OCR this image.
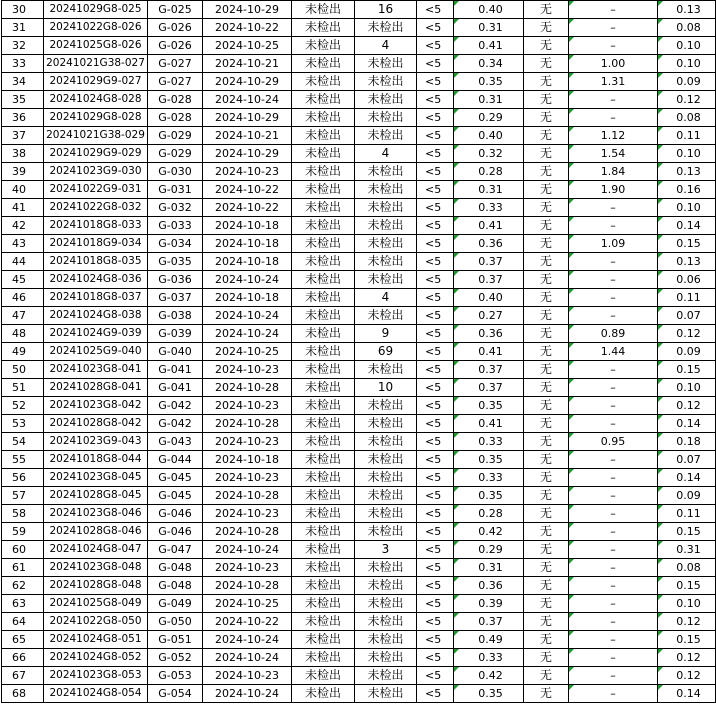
30	20241029G8-025	G-025	2024-10-29	未检出	16	<5	0.40	无	–	0.13
31	20241022G8-026	G-026	2024-10-22	未检出	未检出	<5	0.31	无	–	0.08
32	20241025G8-026	G-026	2024-10-25	未检出	4	<5	0.41	无	–	0.10
33	20241021G38-027	G-027	2024-10-21	未检出	未检出	<5	0.34	无	1.00	0.10
34	20241029G9-027	G-027	2024-10-29	未检出	未检出	<5	0.35	无	1.31	0.09
35	20241024G8-028	G-028	2024-10-24	未检出	未检出	<5	0.31	无	–	0.12
36	20241029G8-028	G-028	2024-10-29	未检出	未检出	<5	0.29	无	–	0.08
37	20241021G38-029	G-029	2024-10-21	未检出	未检出	<5	0.40	无	1.12	0.11
38	20241029G9-029	G-029	2024-10-29	未检出	4	<5	0.32	无	1.54	0.10
39	20241023G9-030	G-030	2024-10-23	未检出	未检出	<5	0.28	无	1.84	0.13
40	20241022G9-031	G-031	2024-10-22	未检出	未检出	<5	0.31	无	1.90	0.16
41	20241022G8-032	G-032	2024-10-22	未检出	未检出	<5	0.33	无	–	0.10
42	20241018G8-033	G-033	2024-10-18	未检出	未检出	<5	0.41	无	–	0.14
43	20241018G9-034	G-034	2024-10-18	未检出	未检出	<5	0.36	无	1.09	0.15
44	20241018G8-035	G-035	2024-10-18	未检出	未检出	<5	0.37	无	–	0.13
45	20241024G8-036	G-036	2024-10-24	未检出	未检出	<5	0.37	无	–	0.06
46	20241018G8-037	G-037	2024-10-18	未检出	4	<5	0.40	无	–	0.11
47	20241024G8-038	G-038	2024-10-24	未检出	未检出	<5	0.27	无	–	0.07
48	20241024G9-039	G-039	2024-10-24	未检出	9	<5	0.36	无	0.89	0.12
49	20241025G9-040	G-040	2024-10-25	未检出	69	<5	0.41	无	1.44	0.09
50	20241023G8-041	G-041	2024-10-23	未检出	未检出	<5	0.37	无	–	0.15
51	20241028G8-041	G-041	2024-10-28	未检出	10	<5	0.37	无	–	0.10
52	20241023G8-042	G-042	2024-10-23	未检出	未检出	<5	0.35	无	–	0.12
53	20241028G8-042	G-042	2024-10-28	未检出	未检出	<5	0.41	无	–	0.14
54	20241023G9-043	G-043	2024-10-23	未检出	未检出	<5	0.33	无	0.95	0.18
55	20241018G8-044	G-044	2024-10-18	未检出	未检出	<5	0.35	无	–	0.07
56	20241023G8-045	G-045	2024-10-23	未检出	未检出	<5	0.33	无	–	0.14
57	20241028G8-045	G-045	2024-10-28	未检出	未检出	<5	0.35	无	–	0.09
58	20241023G8-046	G-046	2024-10-23	未检出	未检出	<5	0.28	无	–	0.11
59	20241028G8-046	G-046	2024-10-28	未检出	未检出	<5	0.42	无	–	0.15
60	20241024G8-047	G-047	2024-10-24	未检出	3	<5	0.29	无	–	0.31
61	20241023G8-048	G-048	2024-10-23	未检出	未检出	<5	0.31	无	–	0.08
62	20241028G8-048	G-048	2024-10-28	未检出	未检出	<5	0.36	无	–	0.15
63	20241025G8-049	G-049	2024-10-25	未检出	未检出	<5	0.39	无	–	0.10
64	20241022G8-050	G-050	2024-10-22	未检出	未检出	<5	0.37	无	–	0.12
65	20241024G8-051	G-051	2024-10-24	未检出	未检出	<5	0.49	无	–	0.15
66	20241024G8-052	G-052	2024-10-24	未检出	未检出	<5	0.33	无	–	0.12
67	20241023G8-053	G-053	2024-10-23	未检出	未检出	<5	0.42	无	–	0.12
68	20241024G8-054	G-054	2024-10-24	未检出	未检出	<5	0.35	无	–	0.14
